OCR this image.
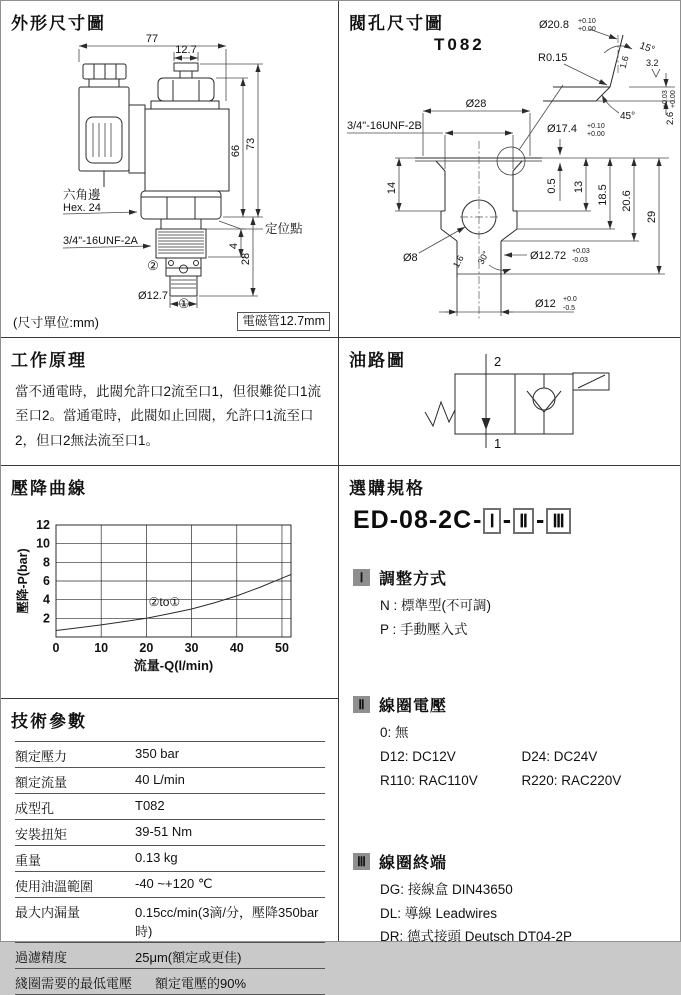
77
12.7
66
73
4
28
六角邊
Hex. 24
3/4"-16UNF-2A
定位點
Ø12.7
②
①
外形尺寸圖
(尺寸單位:mm)	電磁管12.7mm
Ø28
3/4"-16UNF-2B
14	0.5 13 18.5 20.6
29
Ø17.4 +0.10
+0.00
Ø8	1.6 30°	Ø12.72 +0.03
-0.03
Ø12 +0.0
-0.5
Ø20.8 +0.10
+0.00
R0.15
15°
1.6 3.2
45°	2.6
+0.03 +0.00
閥孔尺寸圖
T082
工作原理
當不通電時，此閥允許口2流至口1，但很難從口1流至口2。當通電時，此閥如止回閥，允許口1流至口2，但口2無法流至口1。
2
1
油路圖
0	10	20	30	40	50
2
4
6
8
10
12
流量-Q(l/min)
壓降-P(bar)	②to①
壓降曲線	選購規格
ED-08-2C - Ⅰ - Ⅱ - Ⅲ
Ⅰ 調整方式
N : 標準型(不可調)
P : 手動壓入式
Ⅱ 線圈電壓
0: 無
D12: DC12V	D24: DC24V
R110: RAC110V	R220: RAC220V
Ⅲ 線圈終端
DG: 接線盒 DIN43650
DL: 導線 Leadwires
DR: 德式接頭 Deutsch DT04-2P
技術參數
額定壓力	350 bar
額定流量	40 L/min
成型孔	T082
安裝扭矩	39-51 Nm
重量	0.13 kg
使用油溫範圍	-40 ~+120 ℃
最大内漏量	0.15cc/min(3滴/分，壓降350bar時)
過濾精度	25μm(額定或更佳)
綫圈需要的最低電壓	額定電壓的90%
